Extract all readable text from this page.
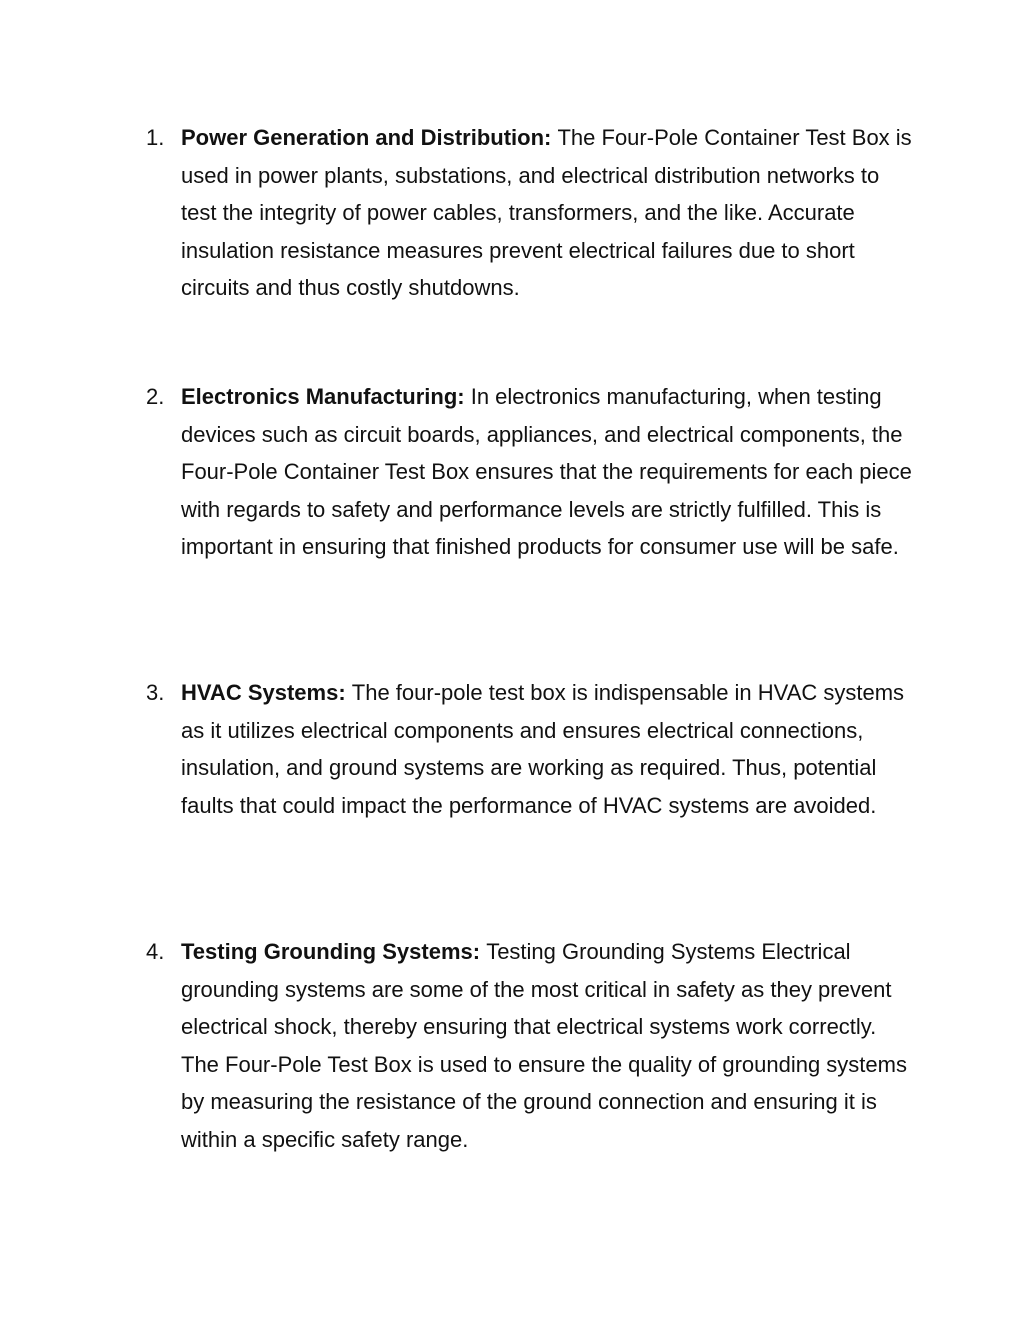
1. Power Generation and Distribution: The Four-Pole Container Test Box is used in power plants, substations, and electrical distribution networks to test the integrity of power cables, transformers, and the like. Accurate insulation resistance measures prevent electrical failures due to short circuits and thus costly shutdowns.
2. Electronics Manufacturing: In electronics manufacturing, when testing devices such as circuit boards, appliances, and electrical components, the Four-Pole Container Test Box ensures that the requirements for each piece with regards to safety and performance levels are strictly fulfilled. This is important in ensuring that finished products for consumer use will be safe.
3. HVAC Systems: The four-pole test box is indispensable in HVAC systems as it utilizes electrical components and ensures electrical connections, insulation, and ground systems are working as required. Thus, potential faults that could impact the performance of HVAC systems are avoided.
4. Testing Grounding Systems: Testing Grounding Systems Electrical grounding systems are some of the most critical in safety as they prevent electrical shock, thereby ensuring that electrical systems work correctly. The Four-Pole Test Box is used to ensure the quality of grounding systems by measuring the resistance of the ground connection and ensuring it is within a specific safety range.
